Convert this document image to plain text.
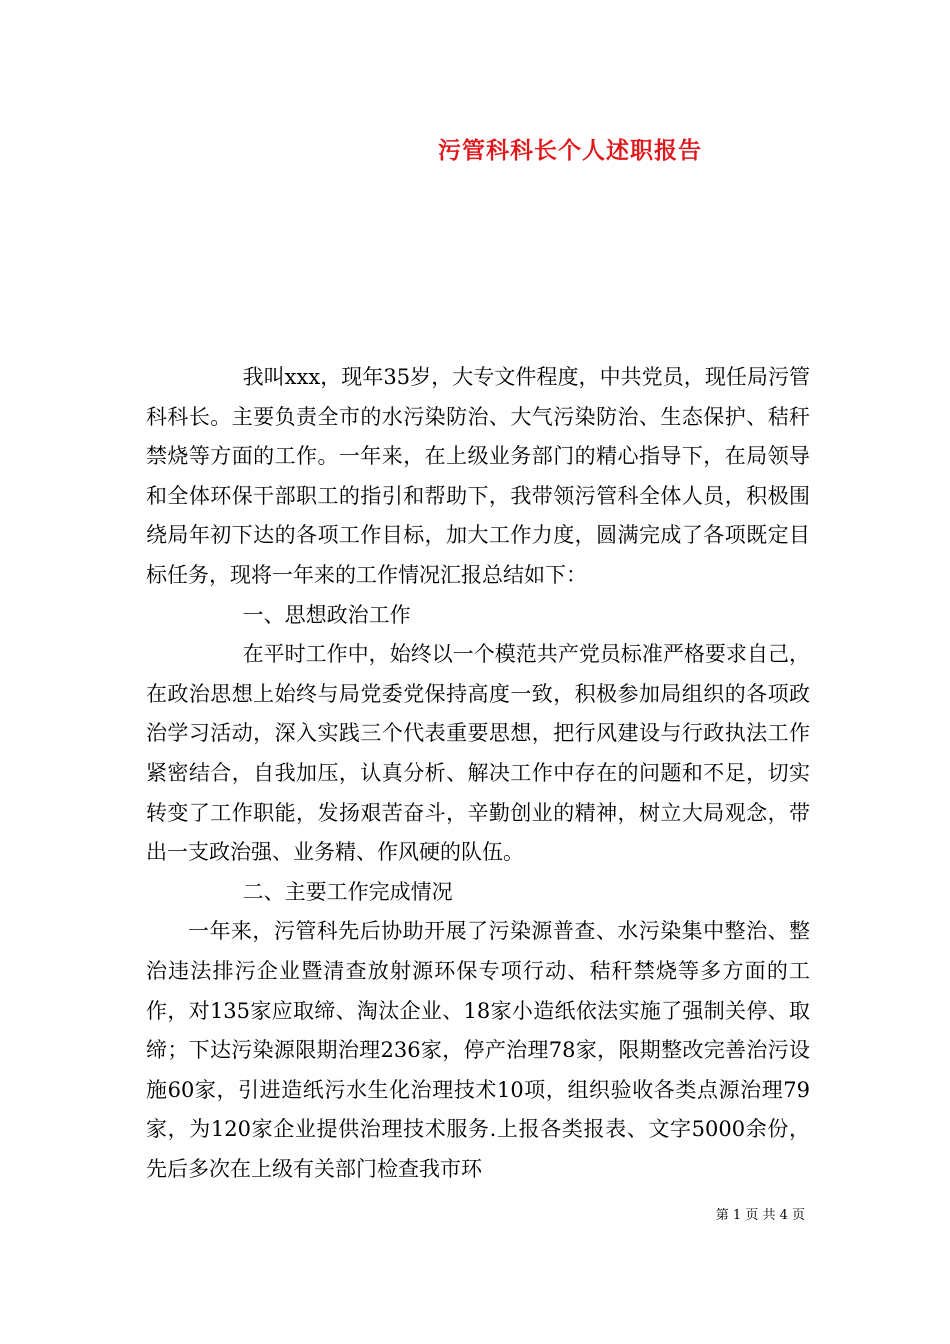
污管科科长个人述职报告

我叫xxx，现年35岁，大专文件程度，中共党员，现任局污管科科长。主要负责全市的水污染防治、大气污染防治、生态保护、秸秆禁烧等方面的工作。一年来，在上级业务部门的精心指导下，在局领导和全体环保干部职工的指引和帮助下，我带领污管科全体人员，积极围绕局年初下达的各项工作目标，加大工作力度，圆满完成了各项既定目标任务，现将一年来的工作情况汇报总结如下：

一、思想政治工作

在平时工作中，始终以一个模范共产党员标准严格要求自己，在政治思想上始终与局党委党保持高度一致，积极参加局组织的各项政治学习活动，深入实践三个代表重要思想，把行风建设与行政执法工作紧密结合，自我加压，认真分析、解决工作中存在的问题和不足，切实转变了工作职能，发扬艰苦奋斗，辛勤创业的精神，树立大局观念，带出一支政治强、业务精、作风硬的队伍。

二、主要工作完成情况

一年来，污管科先后协助开展了污染源普查、水污染集中整治、整治违法排污企业暨清查放射源环保专项行动、秸秆禁烧等多方面的工作，对135家应取缔、淘汰企业、18家小造纸依法实施了强制关停、取缔；下达污染源限期治理236家，停产治理78家，限期整改完善治污设施60家，引进造纸污水生化治理技术10项，组织验收各类点源治理79家，为120家企业提供治理技术服务.上报各类报表、文字5000余份，先后多次在上级有关部门检查我市环

第 1 页 共 4 页
